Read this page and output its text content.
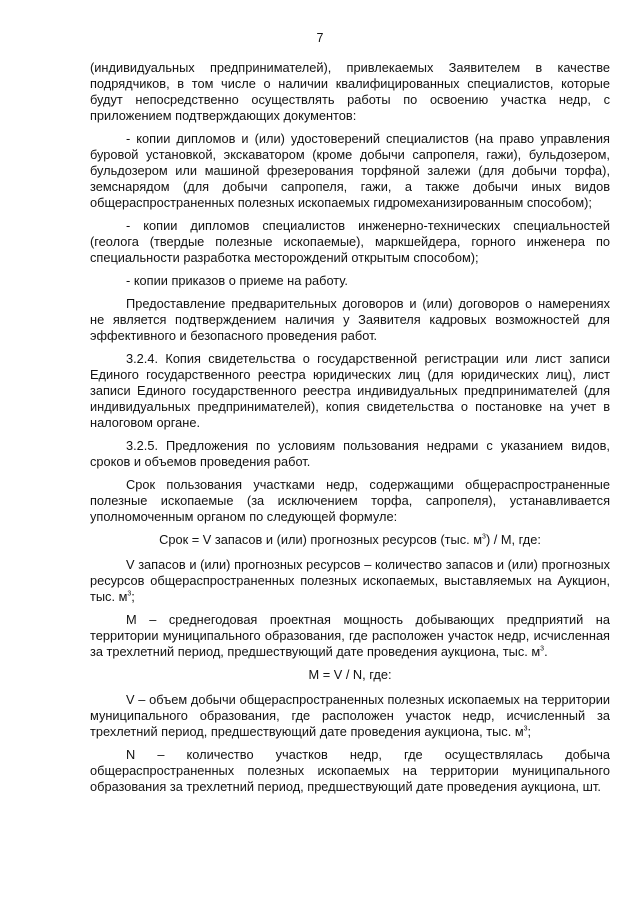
7

(индивидуальных предпринимателей), привлекаемых Заявителем в качестве подрядчиков, в том числе о наличии квалифицированных специалистов, которые будут непосредственно осуществлять работы по освоению участка недр, с приложением подтверждающих документов:

- копии дипломов и (или) удостоверений специалистов (на право управления буровой установкой, экскаватором (кроме добычи сапропеля, гажи), бульдозером, бульдозером или машиной фрезерования торфяной залежи (для добычи торфа), земснарядом (для добычи сапропеля, гажи, а также добычи иных видов общераспространенных полезных ископаемых гидромеханизированным способом);

- копии дипломов специалистов инженерно-технических специальностей (геолога (твердые полезные ископаемые), маркшейдера, горного инженера по специальности разработка месторождений открытым способом);

- копии приказов о приеме на работу.

Предоставление предварительных договоров и (или) договоров о намерениях не является подтверждением наличия у Заявителя кадровых возможностей для эффективного и безопасного проведения работ.

3.2.4. Копия свидетельства о государственной регистрации или лист записи Единого государственного реестра юридических лиц (для юридических лиц), лист записи Единого государственного реестра индивидуальных предпринимателей (для индивидуальных предпринимателей), копия свидетельства о постановке на учет в налоговом органе.

3.2.5. Предложения по условиям пользования недрами с указанием видов, сроков и объемов проведения работ.

Срок пользования участками недр, содержащими общераспространенные полезные ископаемые (за исключением торфа, сапропеля), устанавливается уполномоченным органом по следующей формуле:

Срок = V запасов и (или) прогнозных ресурсов (тыс. $м^3$) / M, где:

V запасов и (или) прогнозных ресурсов – количество запасов и (или) прогнозных ресурсов общераспространенных полезных ископаемых, выставляемых на Аукцион, тыс. $м^3$;

M – среднегодовая проектная мощность добывающих предприятий на территории муниципального образования, где расположен участок недр, исчисленная за трехлетний период, предшествующий дате проведения аукциона, тыс. $м^3$.

M = V / N, где:

V – объем добычи общераспространенных полезных ископаемых на территории муниципального образования, где расположен участок недр, исчисленный за трехлетний период, предшествующий дате проведения аукциона, тыс. $м^3$;

N – количество участков недр, где осуществлялась добыча общераспространенных полезных ископаемых на территории муниципального образования за трехлетний период, предшествующий дате проведения аукциона, шт.
